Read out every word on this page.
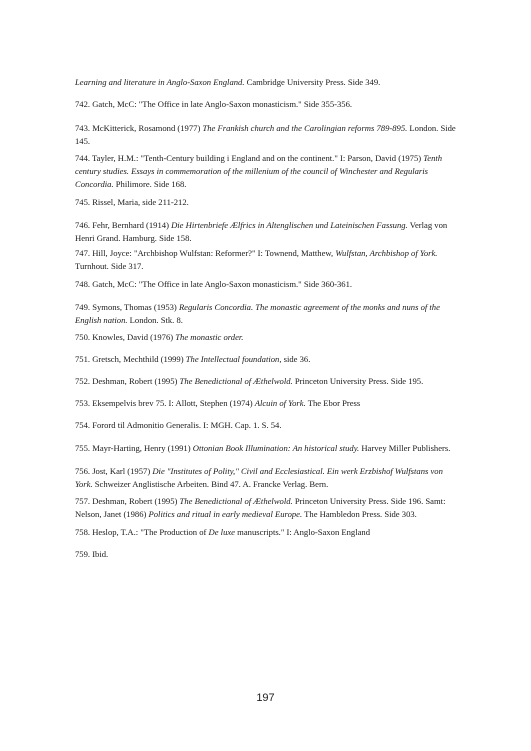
Learning and literature in Anglo-Saxon England. Cambridge University Press. Side 349.
742. Gatch, McC: "The Office in late Anglo-Saxon monasticism." Side 355-356.
743. McKitterick, Rosamond (1977) The Frankish church and the Carolingian reforms 789-895. London. Side 145.
744. Tayler, H.M.: "Tenth-Century building i England and on the continent." I: Parson, David (1975) Tenth century studies. Essays in commemoration of the millenium of the council of Winchester and Regularis Concordia. Philimore. Side 168.
745. Rissel, Maria, side 211-212.
746. Fehr, Bernhard (1914) Die Hirtenbriefe Ælfrics in Altenglischen und Lateinischen Fassung. Verlag von Henri Grand. Hamburg. Side 158.
747. Hill, Joyce: "Archbishop Wulfstan: Reformer?" I: Townend, Matthew, Wulfstan, Archbishop of York. Turnhout. Side 317.
748. Gatch, McC: "The Office in late Anglo-Saxon monasticism." Side 360-361.
749. Symons, Thomas (1953) Regularis Concordia. The monastic agreement of the monks and nuns of the English nation. London. Stk. 8.
750. Knowles, David (1976) The monastic order.
751. Gretsch, Mechthild (1999) The Intellectual foundation, side 36.
752. Deshman, Robert (1995) The Benedictional of Æthelwold. Princeton University Press. Side 195.
753. Eksempelvis brev 75. I: Allott, Stephen (1974) Alcuin of York. The Ebor Press
754. Forord til Admonitio Generalis. I: MGH. Cap. 1. S. 54.
755. Mayr-Harting, Henry (1991) Ottonian Book Illumination: An historical study. Harvey Miller Publishers.
756. Jost, Karl (1957) Die "Institutes of Polity," Civil and Ecclesiastical. Ein werk Erzbishof Wulfstans von York. Schweizer Anglistische Arbeiten. Bind 47. A. Francke Verlag. Bern.
757. Deshman, Robert (1995) The Benedictional of Æthelwold. Princeton University Press. Side 196. Samt: Nelson, Janet (1986) Politics and ritual in early medieval Europe. The Hambledon Press. Side 303.
758. Heslop, T.A.: "The Production of De luxe manuscripts." I: Anglo-Saxon England
759. Ibid.
197
